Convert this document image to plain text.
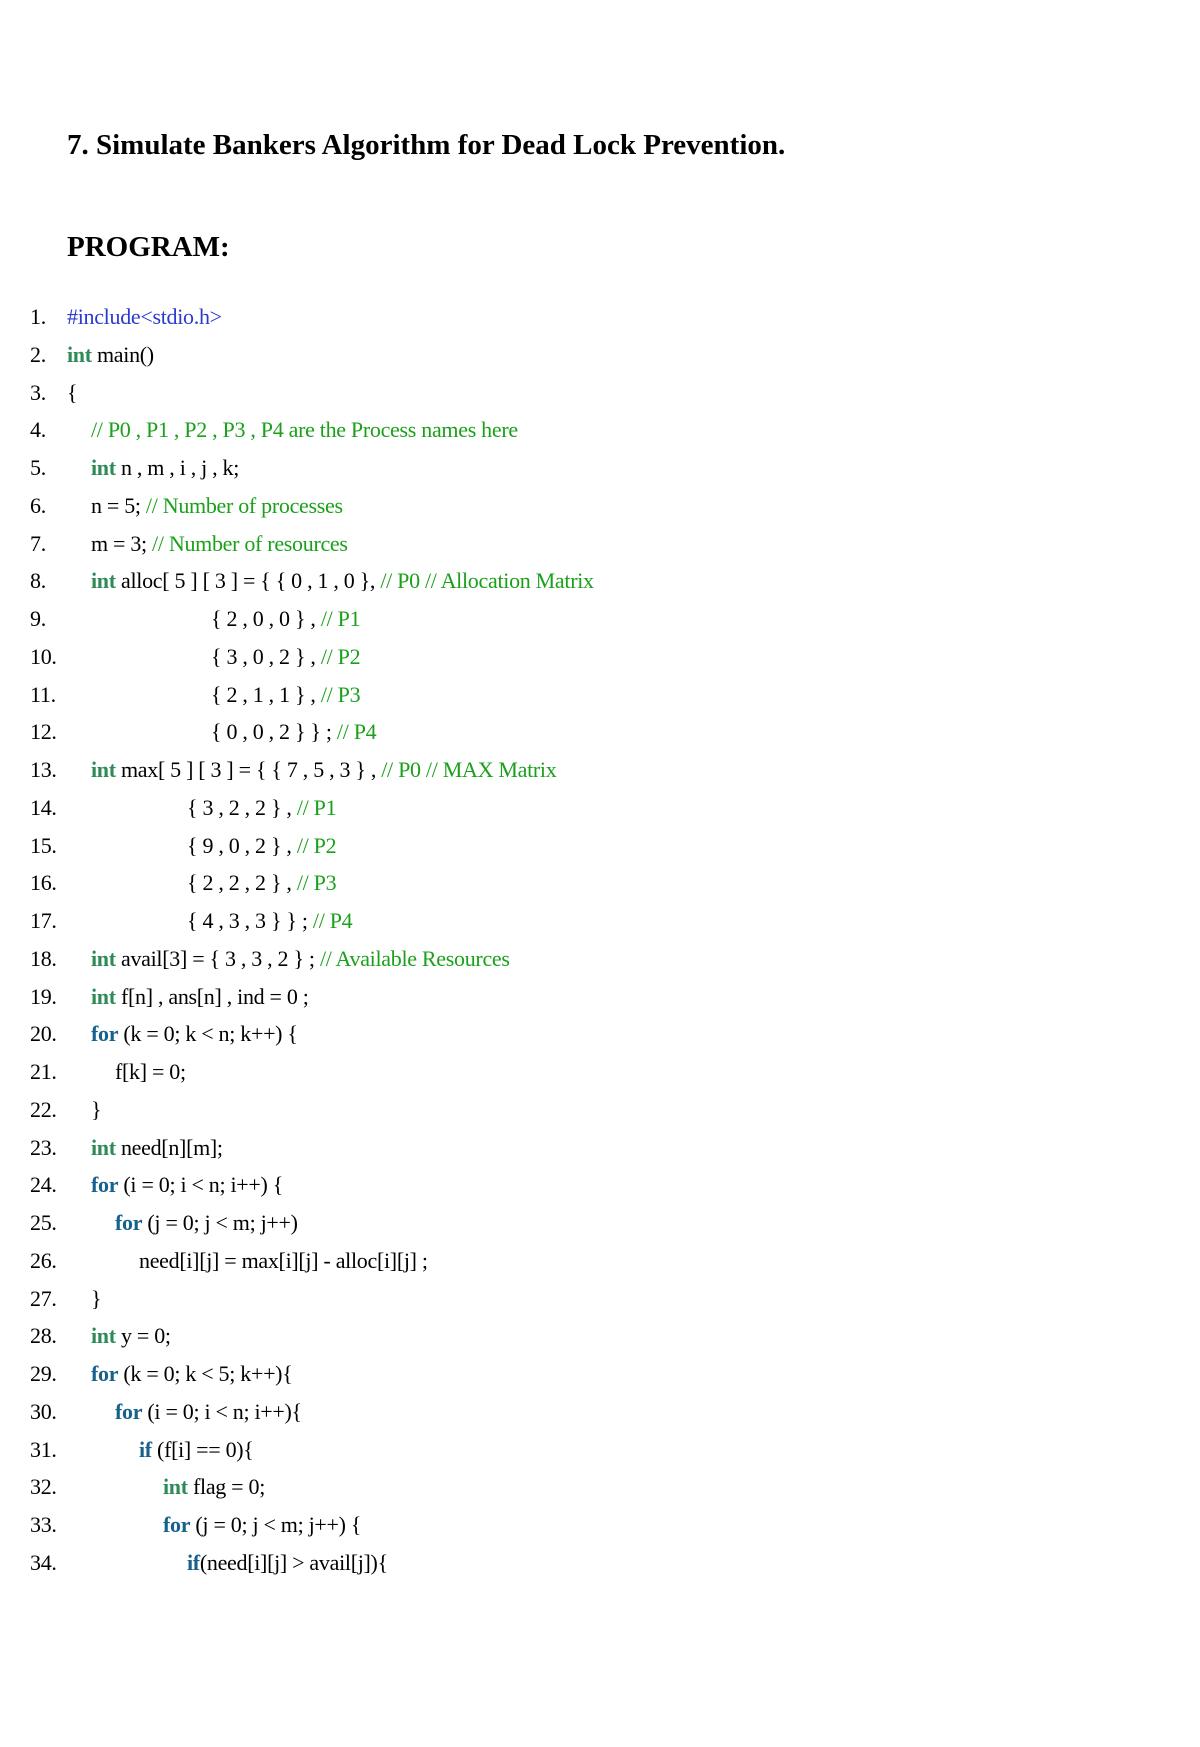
7. Simulate Bankers Algorithm for Dead Lock Prevention.
PROGRAM:
1. #include<stdio.h>
2. int main()
3. {
4.	// P0 , P1 , P2 , P3 , P4 are the Process names here
5.	int n , m , i , j , k;
6.	n = 5; // Number of processes
7.	m = 3; // Number of resources
8.	int alloc[ 5 ] [ 3 ] = { { 0 , 1 , 0 }, // P0 // Allocation Matrix
9.	{ 2 , 0 , 0 } , // P1
10.	{ 3 , 0 , 2 } , // P2
11.	{ 2 , 1 , 1 } , // P3
12.	{ 0 , 0 , 2 } } ; // P4
13.	int max[ 5 ] [ 3 ] = { { 7 , 5 , 3 } , // P0 // MAX Matrix
14.	{ 3 , 2 , 2 } , // P1
15.	{ 9 , 0 , 2 } , // P2
16.	{ 2 , 2 , 2 } , // P3
17.	{ 4 , 3 , 3 } } ; // P4
18.	int avail[3] = { 3 , 3 , 2 } ; // Available Resources
19.	int f[n] , ans[n] , ind = 0 ;
20.	for (k = 0; k < n; k++) {
21.	f[k] = 0;
22.	}
23.	int need[n][m];
24.	for (i = 0; i < n; i++) {
25.	for (j = 0; j < m; j++)
26.	need[i][j] = max[i][j] - alloc[i][j] ;
27.	}
28.	int y = 0;
29.	for (k = 0; k < 5; k++){
30.	for (i = 0; i < n; i++){
31.	if (f[i] == 0){
32.	int flag = 0;
33.	for (j = 0; j < m; j++) {
34.	if(need[i][j] > avail[j]){
